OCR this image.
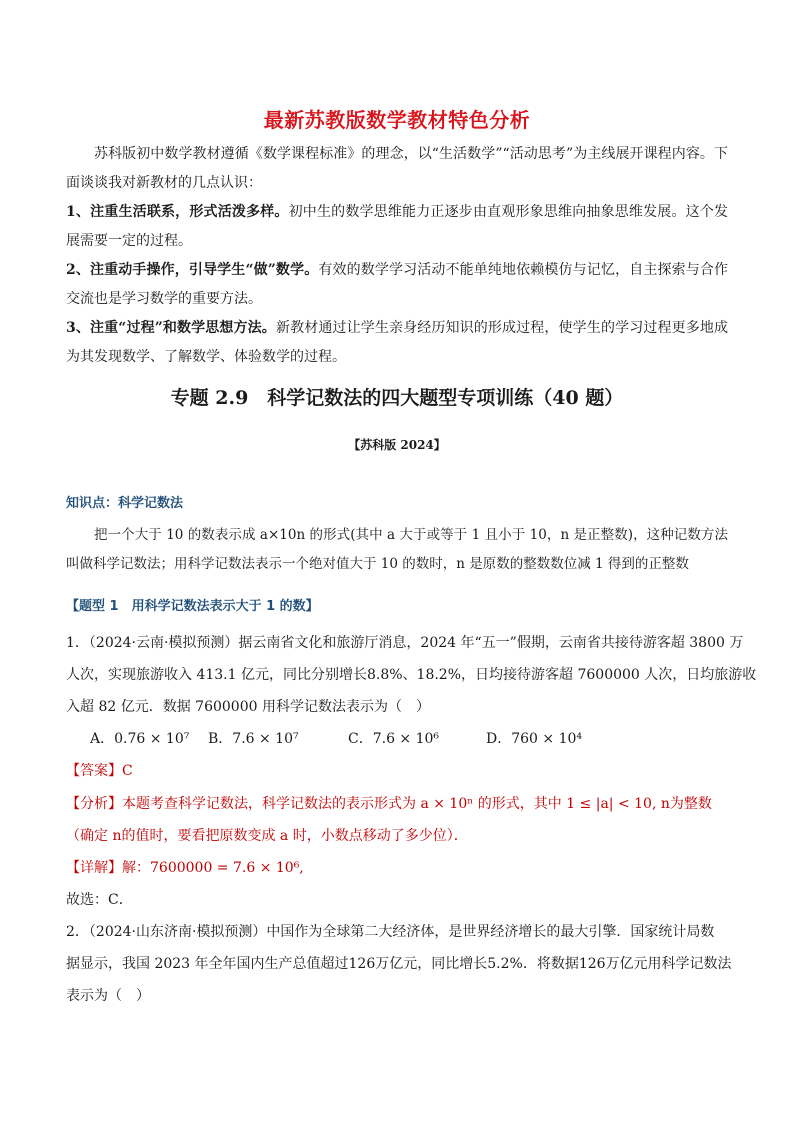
最新苏教版数学教材特色分析
苏科版初中数学教材遵循《数学课程标准》的理念，以“生活数学”“活动思考”为主线展开课程内容。下面谈谈我对新教材的几点认识：
1、注重生活联系，形式活泼多样。初中生的数学思维能力正逐步由直观形象思维向抽象思维发展。这个发展需要一定的过程。
2、注重动手操作，引导学生“做”数学。有效的数学学习活动不能单纯地依赖模仿与记忆，自主探索与合作交流也是学习数学的重要方法。
3、注重“过程”和数学思想方法。新教材通过让学生亲身经历知识的形成过程，使学生的学习过程更多地成为其发现数学、了解数学、体验数学的过程。
专题 2.9　科学记数法的四大题型专项训练（40 题）
【苏科版 2024】
知识点：科学记数法
把一个大于 10 的数表示成 a×10n 的形式(其中 a 大于或等于 1 且小于 10，n 是正整数)，这种记数方法叫做科学记数法；用科学记数法表示一个绝对值大于 10 的数时，n 是原数的整数数位减 1 得到的正整数
【题型 1　用科学记数法表示大于 1 的数】
1．（2024·云南·模拟预测）据云南省文化和旅游厅消息，2024 年“五一”假期，云南省共接待游客超 3800 万
人次，实现旅游收入 413.1 亿元，同比分别增长8.8%、18.2%，日均接待游客超 7600000 人次，日均旅游收
入超 82 亿元．数据 7600000 用科学记数法表示为（　）
A．0.76 × 10⁷ B．7.6 × 10⁷	C．7.6 × 10⁶	D．760 × 10⁴
【答案】C
【分析】本题考查科学记数法，科学记数法的表示形式为 a × 10ⁿ 的形式，其中 1 ≤ |a| < 10, n为整数
（确定 n的值时，要看把原数变成 a 时，小数点移动了多少位）．
【详解】解：7600000 = 7.6 × 10⁶,
故选：C．
2．（2024·山东济南·模拟预测）中国作为全球第二大经济体，是世界经济增长的最大引擎．国家统计局数
据显示，我国 2023 年全年国内生产总值超过126万亿元，同比增长5.2%．将数据126万亿元用科学记数法
表示为（　）
